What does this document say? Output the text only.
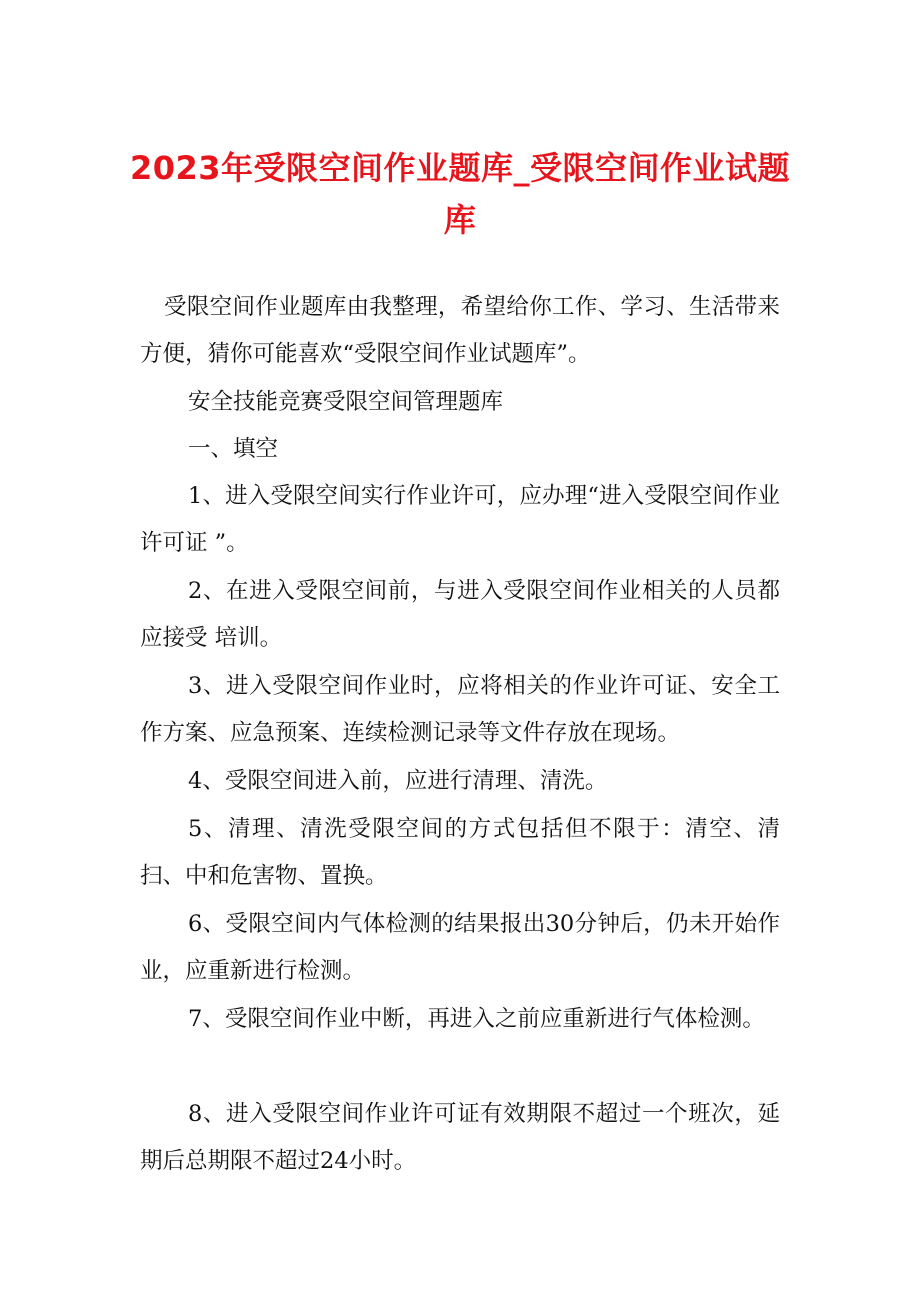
2023年受限空间作业题库_受限空间作业试题库

受限空间作业题库由我整理，希望给你工作、学习、生活带来方便，猜你可能喜欢“受限空间作业试题库”。

安全技能竞赛受限空间管理题库

一、填空

1、进入受限空间实行作业许可，应办理“进入受限空间作业许可证 ”。

2、在进入受限空间前，与进入受限空间作业相关的人员都应接受 培训。

3、进入受限空间作业时，应将相关的作业许可证、安全工作方案、应急预案、连续检测记录等文件存放在现场。

4、受限空间进入前，应进行清理、清洗。

5、清理、清洗受限空间的方式包括但不限于：清空、清扫、中和危害物、置换。

6、受限空间内气体检测的结果报出30分钟后，仍未开始作业，应重新进行检测。

7、受限空间作业中断，再进入之前应重新进行气体检测。

8、进入受限空间作业许可证有效期限不超过一个班次，延期后总期限不超过24小时。
